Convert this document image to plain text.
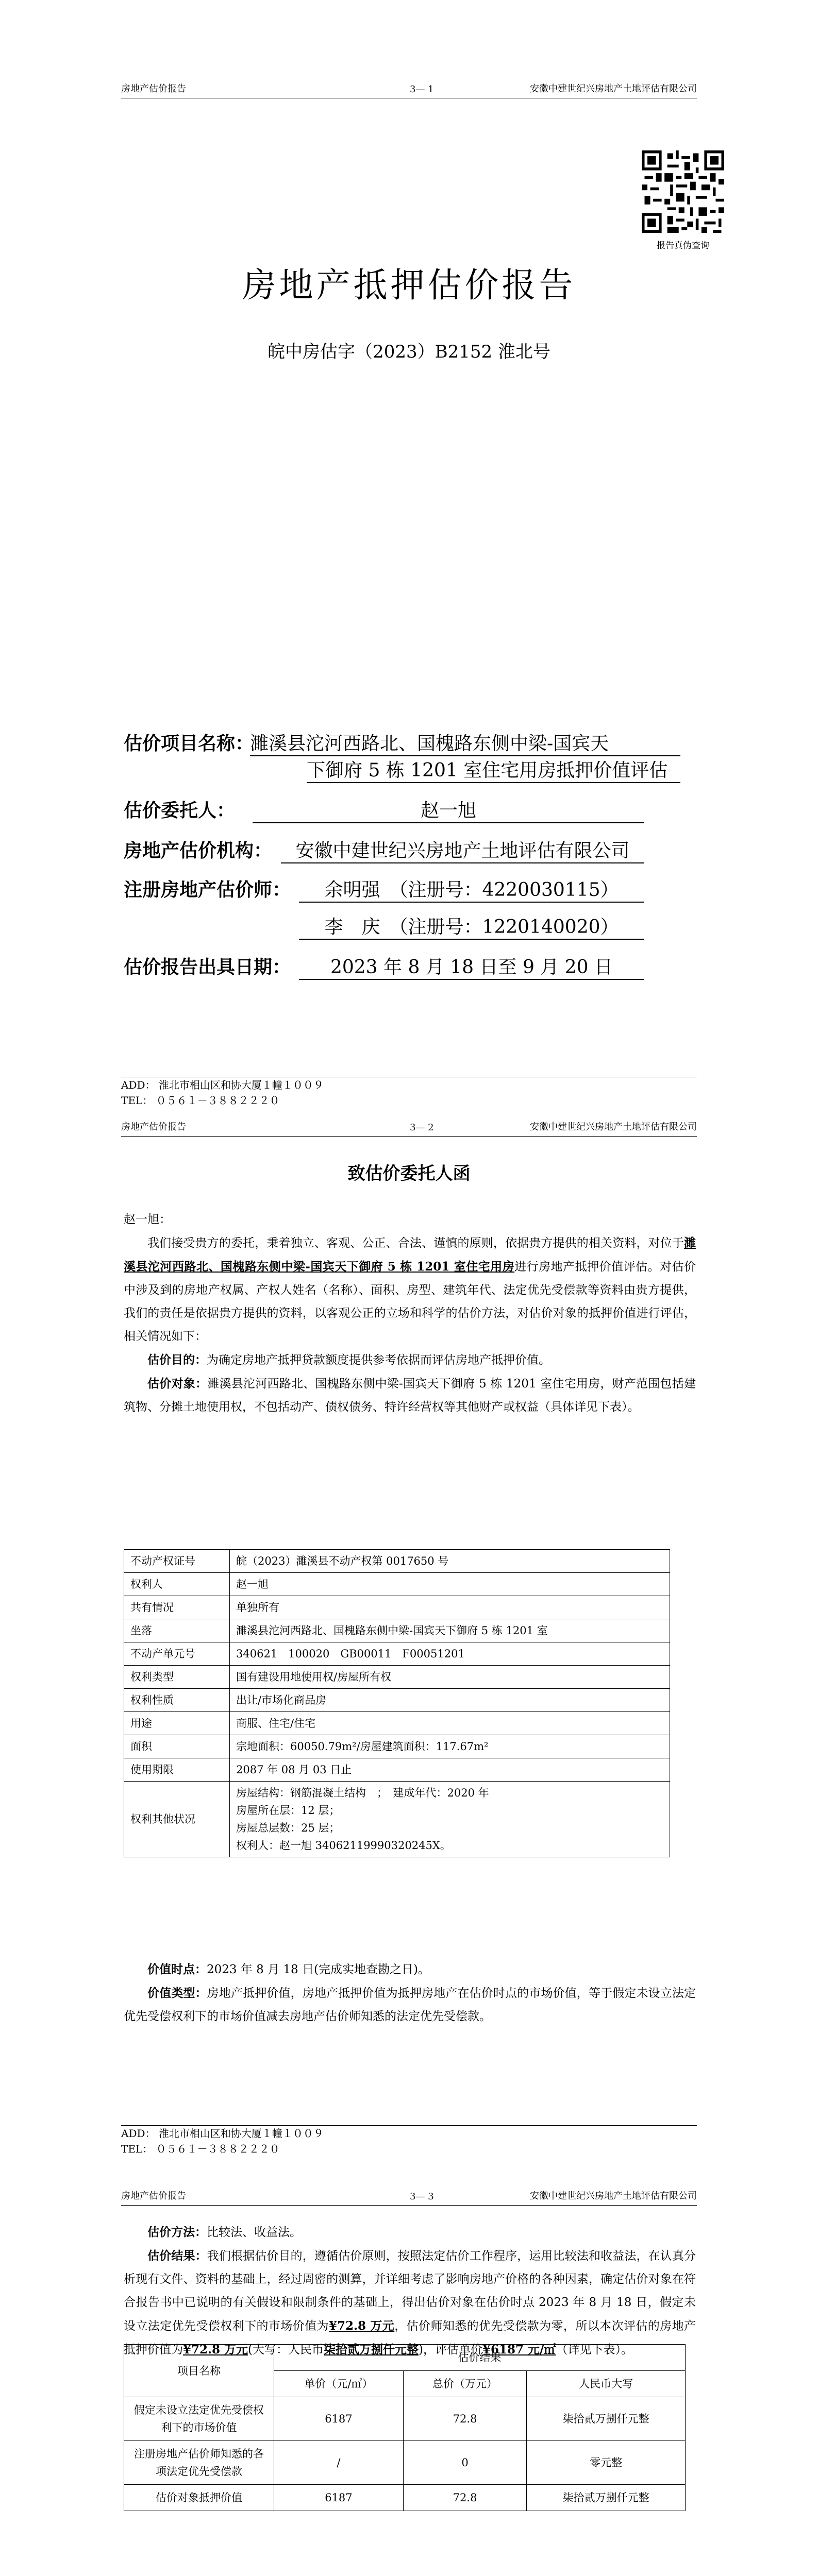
房地产估价报告	3— 1	安徽中建世纪兴房地产土地评估有限公司
报告真伪查询
房地产抵押估价报告
皖中房估字（2023）B2152 淮北号
估价项目名称：
濉溪县沱河西路北、国槐路东侧中梁-国宾天
下御府 5 栋 1201 室住宅用房抵押价值评估
估价委托人：	赵一旭
房地产估价机构：	安徽中建世纪兴房地产土地评估有限公司
注册房地产估价师：	余明强　（注册号：4220030115）
李　庆　（注册号：1220140020）
估价报告出具日期：	2023 年 8 月 18 日至 9 月 20 日
ADD： 淮北市相山区和协大厦１幢１００９
TEL： ０５６１－３８８２２２０
房地产估价报告	3— 2	安徽中建世纪兴房地产土地评估有限公司
致估价委托人函

赵一旭：

我们接受贵方的委托，秉着独立、客观、公正、合法、谨慎的原则，依据贵方提供的相关资料，对位于濉溪县沱河西路北、国槐路东侧中梁-国宾天下御府 5 栋 1201 室住宅用房进行房地产抵押价值评估。对估价中涉及到的房地产权属、产权人姓名（名称）、面积、房型、建筑年代、法定优先受偿款等资料由贵方提供，我们的责任是依据贵方提供的资料，以客观公正的立场和科学的估价方法，对估价对象的抵押价值进行评估，相关情况如下：

估价目的：为确定房地产抵押贷款额度提供参考依据而评估房地产抵押价值。

估价对象：濉溪县沱河西路北、国槐路东侧中梁-国宾天下御府 5 栋 1201 室住宅用房，财产范围包括建筑物、分摊土地使用权，不包括动产、债权债务、特许经营权等其他财产或权益（具体详见下表）。

不动产权证号	皖（2023）濉溪县不动产权第 0017650 号
权利人	赵一旭
共有情况	单独所有
坐落	濉溪县沱河西路北、国槐路东侧中梁-国宾天下御府 5 栋 1201 室
不动产单元号	340621　100020　GB00011　F00051201
权利类型	国有建设用地使用权/房屋所有权
权利性质	出让/市场化商品房
用途	商服、住宅/住宅
面积	宗地面积：60050.79m²/房屋建筑面积：117.67m²
使用期限	2087 年 08 月 03 日止
权利其他状况	房屋结构：钢筋混凝土结构　；　建成年代：2020 年
房屋所在层：12 层；
房屋总层数：25 层；
权利人：赵一旭 34062119990320245X。

价值时点：2023 年 8 月 18 日(完成实地查勘之日)。

价值类型：房地产抵押价值，房地产抵押价值为抵押房地产在估价时点的市场价值，等于假定未设立法定优先受偿权利下的市场价值减去房地产估价师知悉的法定优先受偿款。

ADD： 淮北市相山区和协大厦１幢１００９
TEL： ０５６１－３８８２２２０
房地产估价报告	3— 3	安徽中建世纪兴房地产土地评估有限公司

估价方法：比较法、收益法。

估价结果：我们根据估价目的，遵循估价原则，按照法定估价工作程序，运用比较法和收益法，在认真分析现有文件、资料的基础上，经过周密的测算，并详细考虑了影响房地产价格的各种因素，确定估价对象在符合报告书中已说明的有关假设和限制条件的基础上，得出估价对象在估价时点 2023 年 8 月 18 日，假定未设立法定优先受偿权利下的市场价值为¥72.8 万元，估价师知悉的优先受偿款为零，所以本次评估的房地产抵押价值为¥72.8 万元(大写：人民币柒拾贰万捌仟元整)，评估单价¥6187 元/㎡（详见下表）。

项目名称	估价结果		
	单价（元/㎡）	总价（万元）	人民币大写
假定未设立法定优先受偿权利下的市场价值	6187	72.8	柒拾贰万捌仟元整
注册房地产估价师知悉的各项法定优先受偿款	/	0	零元整
估价对象抵押价值	6187	72.8	柒拾贰万捌仟元整
